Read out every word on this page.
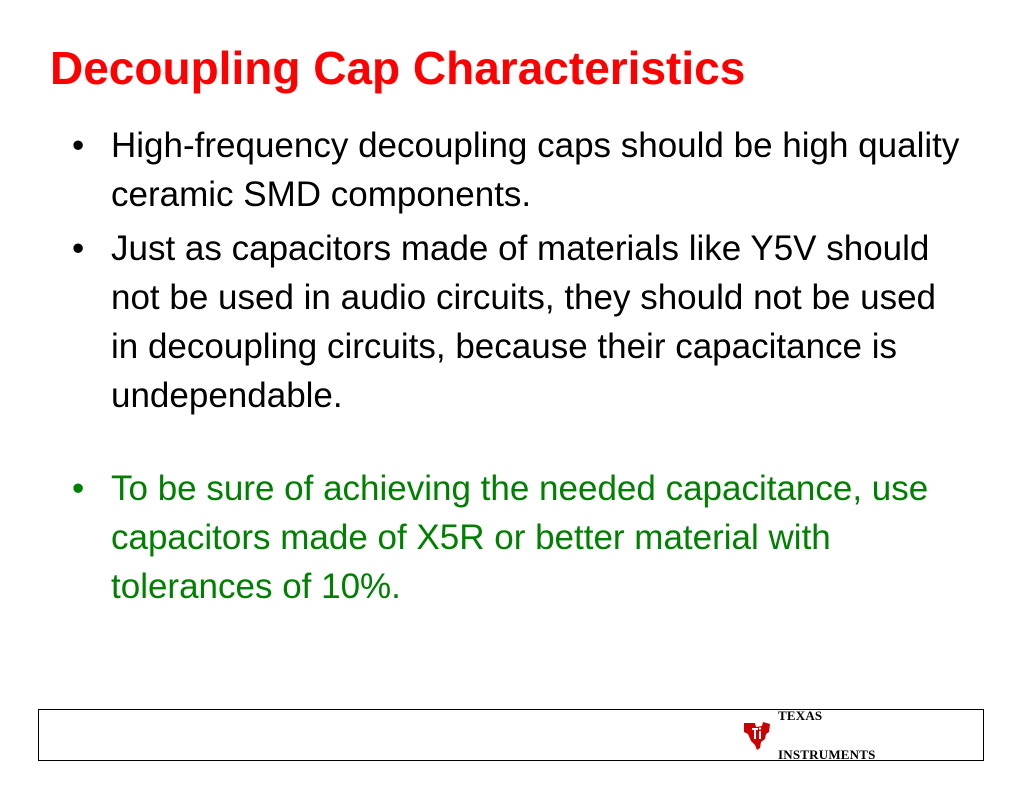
Decoupling Cap Characteristics
• High-frequency decoupling caps should be high quality ceramic SMD components.
• Just as capacitors made of materials like Y5V should not be used in audio circuits, they should not be used in decoupling circuits, because their capacitance is undependable.
• To be sure of achieving the needed capacitance, use capacitors made of X5R or better material with tolerances of 10%.

TEXAS

INSTRUMENTS
